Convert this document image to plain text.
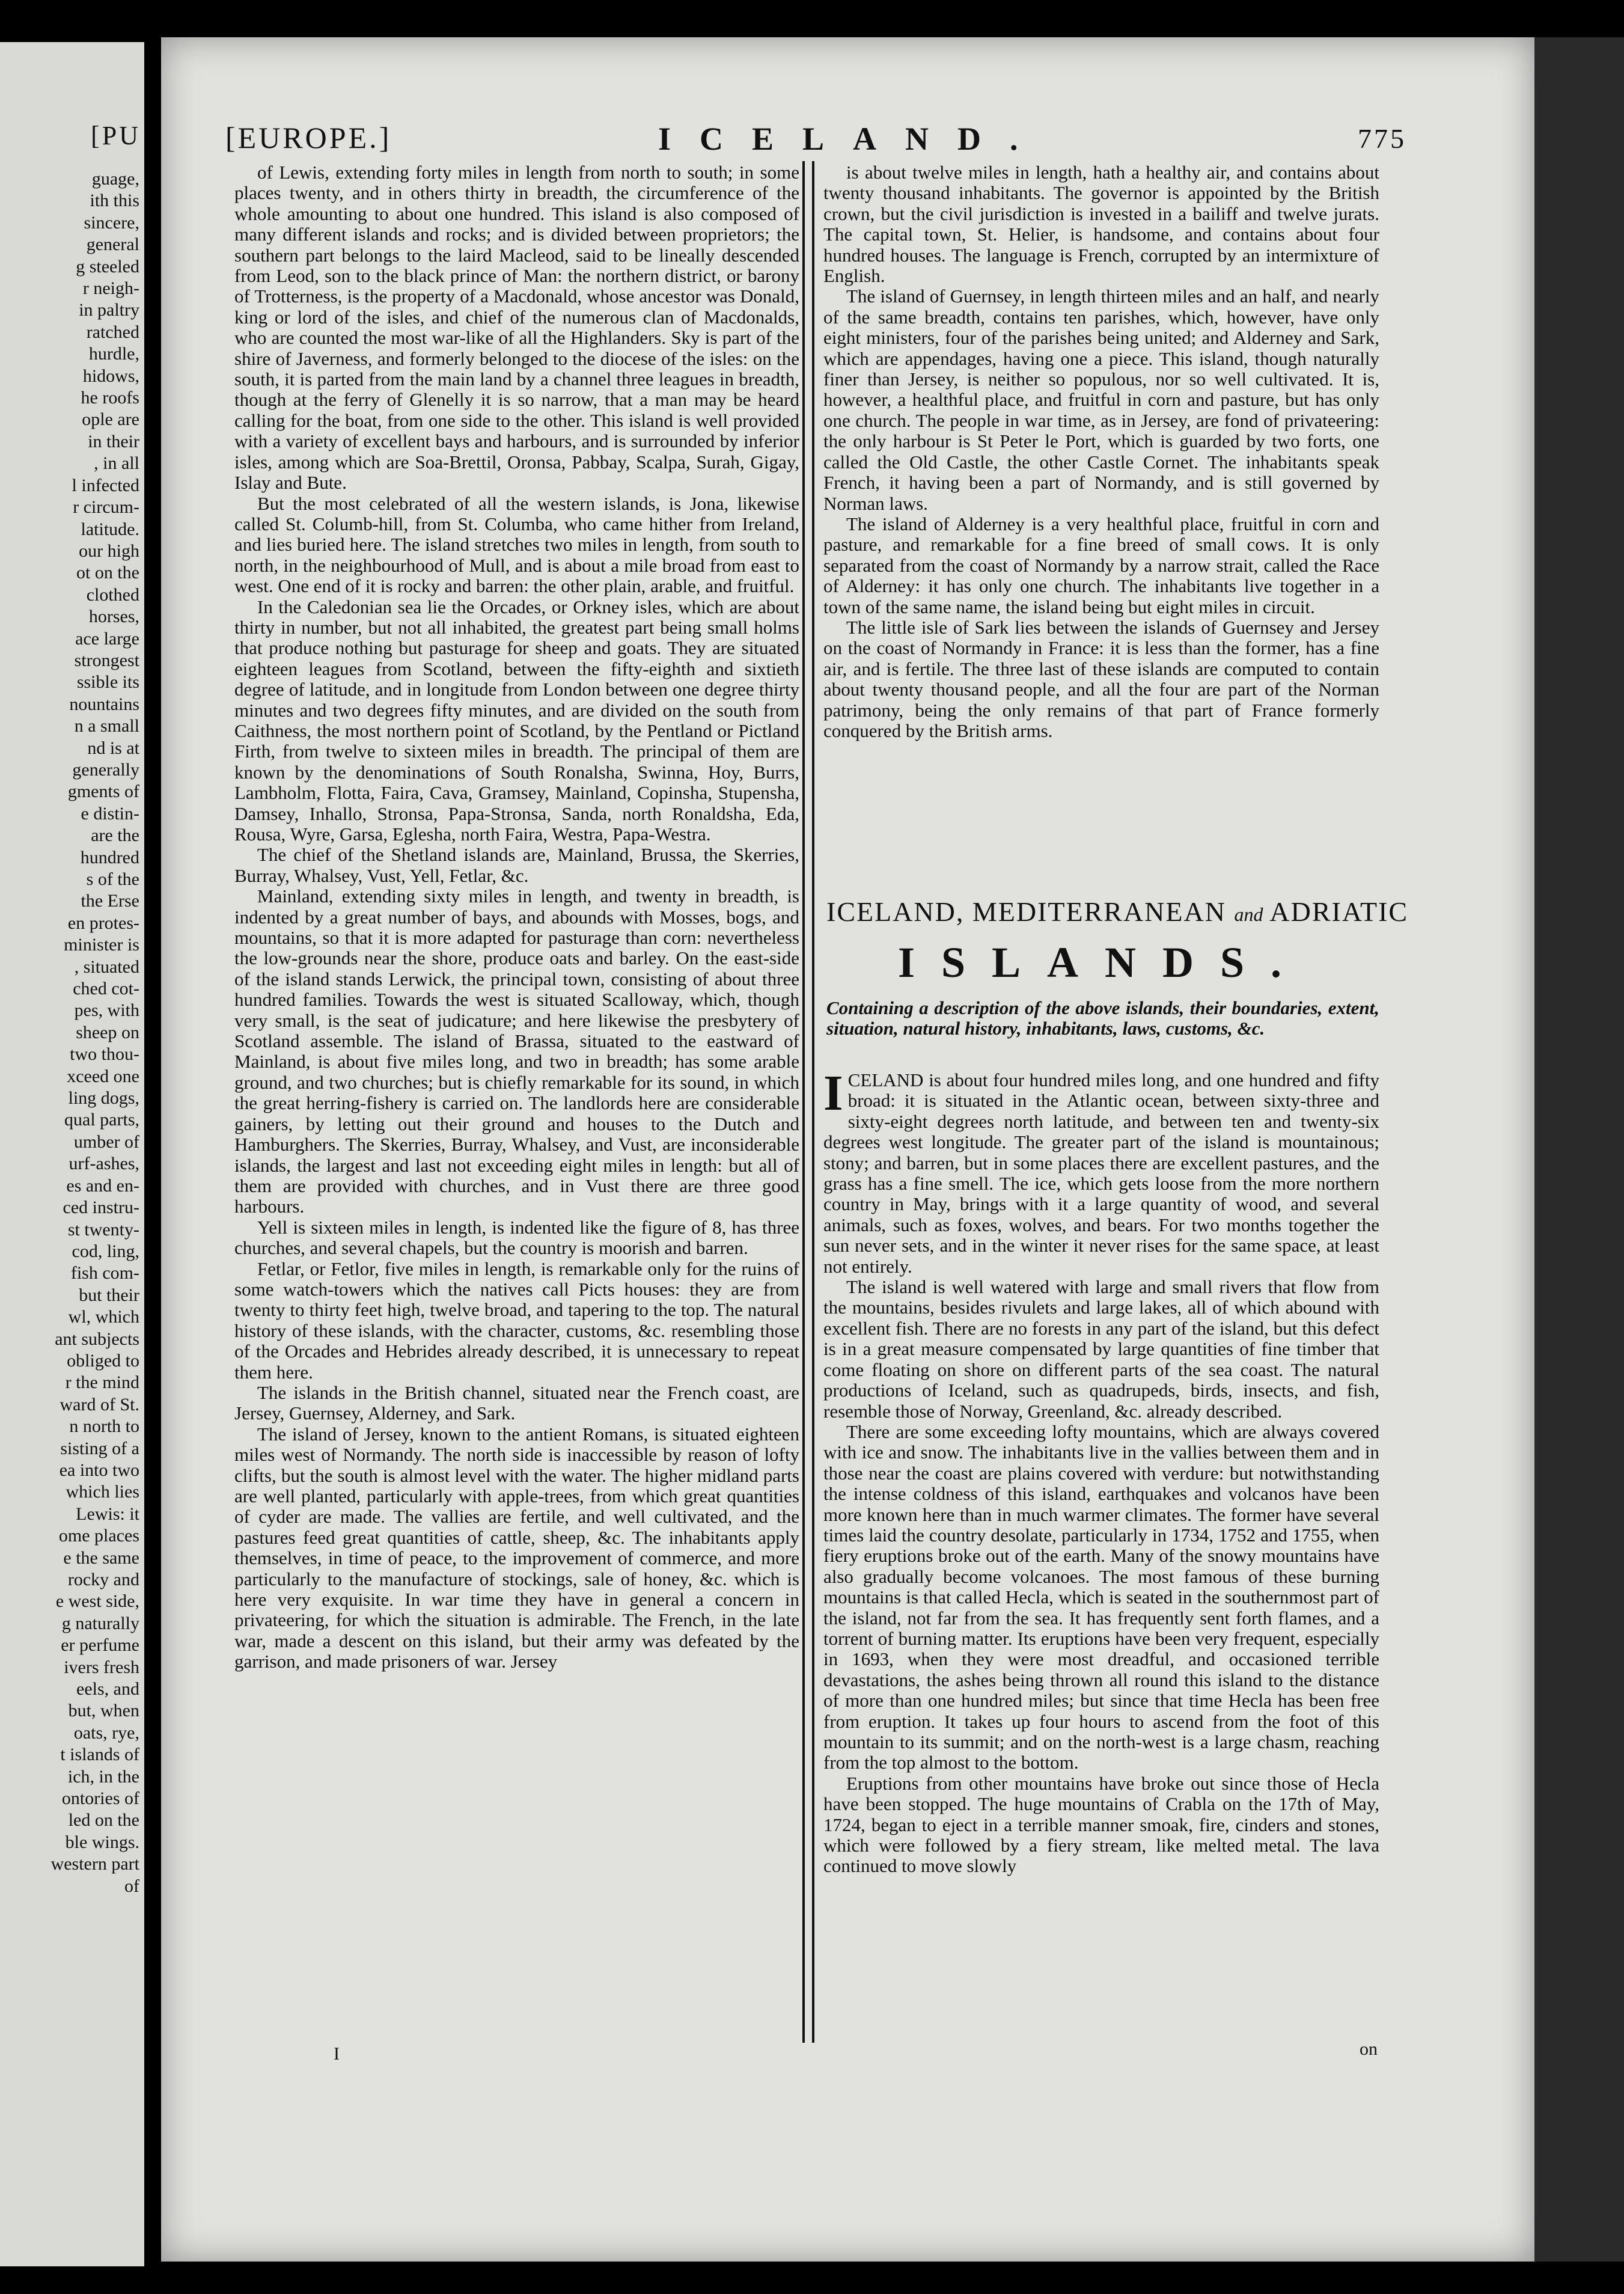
[PU
guage,
ith this
sincere,
general
g steeled
r neigh-
in paltry
ratched
hurdle,
hidows,
he roofs
ople are
in their
, in all
l infected
r circum-
latitude.
our high
ot on the
clothed
horses,
ace large
strongest
ssible its
nountains
n a small
nd is at
generally
gments of
e distin-
are the
hundred
s of the
the Erse
en protes-
minister is
, situated
ched cot-
pes, with
sheep on
two thou-
xceed one
ling dogs,
qual parts,
umber of
urf-ashes,
es and en-
ced instru-
st twenty-
cod, ling,
fish com-
but their
wl, which
ant subjects
obliged to
r the mind
ward of St.
n north to
sisting of a
ea into two
which lies
Lewis: it
ome places
e the same
rocky and
e west side,
g naturally
er perfume
ivers fresh
eels, and
but, when
oats, rye,
t islands of
ich, in the
ontories of
led on the
ble wings.
western part
of
[EUROPE.]	ICELAND.	775

of Lewis, extending forty miles in length from north to south; in some places twenty, and in others thirty in breadth, the circumference of the whole amounting to about one hundred. This island is also composed of many different islands and rocks; and is divided between proprietors; the southern part belongs to the laird Macleod, said to be lineally descended from Leod, son to the black prince of Man: the northern district, or barony of Trotterness, is the property of a Macdonald, whose ancestor was Donald, king or lord of the isles, and chief of the numerous clan of Macdonalds, who are counted the most war-like of all the Highlanders. Sky is part of the shire of Javerness, and formerly belonged to the diocese of the isles: on the south, it is parted from the main land by a channel three leagues in breadth, though at the ferry of Glenelly it is so narrow, that a man may be heard calling for the boat, from one side to the other. This island is well provided with a variety of excellent bays and harbours, and is surrounded by inferior isles, among which are Soa-Brettil, Oronsa, Pabbay, Scalpa, Surah, Gigay, Islay and Bute.

But the most celebrated of all the western islands, is Jona, likewise called St. Columb-hill, from St. Columba, who came hither from Ireland, and lies buried here. The island stretches two miles in length, from south to north, in the neighbourhood of Mull, and is about a mile broad from east to west. One end of it is rocky and barren: the other plain, arable, and fruitful.

In the Caledonian sea lie the Orcades, or Orkney isles, which are about thirty in number, but not all inhabited, the greatest part being small holms that produce nothing but pasturage for sheep and goats. They are situated eighteen leagues from Scotland, between the fifty-eighth and sixtieth degree of latitude, and in longitude from London between one degree thirty minutes and two degrees fifty minutes, and are divided on the south from Caithness, the most northern point of Scotland, by the Pentland or Pictland Firth, from twelve to sixteen miles in breadth. The principal of them are known by the denominations of South Ronalsha, Swinna, Hoy, Burrs, Lambholm, Flotta, Faira, Cava, Gramsey, Mainland, Copinsha, Stupensha, Damsey, Inhallo, Stronsa, Papa-Stronsa, Sanda, north Ronaldsha, Eda, Rousa, Wyre, Garsa, Eglesha, north Faira, Westra, Papa-Westra.

The chief of the Shetland islands are, Mainland, Brussa, the Skerries, Burray, Whalsey, Vust, Yell, Fetlar, &c.

Mainland, extending sixty miles in length, and twenty in breadth, is indented by a great number of bays, and abounds with Mosses, bogs, and mountains, so that it is more adapted for pasturage than corn: nevertheless the low-grounds near the shore, produce oats and barley. On the east-side of the island stands Lerwick, the principal town, consisting of about three hundred families. Towards the west is situated Scalloway, which, though very small, is the seat of judicature; and here likewise the presbytery of Scotland assemble. The island of Brassa, situated to the eastward of Mainland, is about five miles long, and two in breadth; has some arable ground, and two churches; but is chiefly remarkable for its sound, in which the great herring-fishery is carried on. The landlords here are considerable gainers, by letting out their ground and houses to the Dutch and Hamburghers. The Skerries, Burray, Whalsey, and Vust, are inconsiderable islands, the largest and last not exceeding eight miles in length: but all of them are provided with churches, and in Vust there are three good harbours.

Yell is sixteen miles in length, is indented like the figure of 8, has three churches, and several chapels, but the country is moorish and barren.

Fetlar, or Fetlor, five miles in length, is remarkable only for the ruins of some watch-towers which the natives call Picts houses: they are from twenty to thirty feet high, twelve broad, and tapering to the top. The natural history of these islands, with the character, customs, &c. resembling those of the Orcades and Hebrides already described, it is unnecessary to repeat them here.

The islands in the British channel, situated near the French coast, are Jersey, Guernsey, Alderney, and Sark.

The island of Jersey, known to the antient Romans, is situated eighteen miles west of Normandy. The north side is inaccessible by reason of lofty clifts, but the south is almost level with the water. The higher midland parts are well planted, particularly with apple-trees, from which great quantities of cyder are made. The vallies are fertile, and well cultivated, and the pastures feed great quantities of cattle, sheep, &c. The inhabitants apply themselves, in time of peace, to the improvement of commerce, and more particularly to the manufacture of stockings, sale of honey, &c. which is here very exquisite. In war time they have in general a concern in privateering, for which the situation is admirable. The French, in the late war, made a descent on this island, but their army was defeated by the garrison, and made prisoners of war. Jersey

is about twelve miles in length, hath a healthy air, and contains about twenty thousand inhabitants. The governor is appointed by the British crown, but the civil jurisdiction is invested in a bailiff and twelve jurats. The capital town, St. Helier, is handsome, and contains about four hundred houses. The language is French, corrupted by an intermixture of English.

The island of Guernsey, in length thirteen miles and an half, and nearly of the same breadth, contains ten parishes, which, however, have only eight ministers, four of the parishes being united; and Alderney and Sark, which are appendages, having one a piece. This island, though naturally finer than Jersey, is neither so populous, nor so well cultivated. It is, however, a healthful place, and fruitful in corn and pasture, but has only one church. The people in war time, as in Jersey, are fond of privateering: the only harbour is St Peter le Port, which is guarded by two forts, one called the Old Castle, the other Castle Cornet. The inhabitants speak French, it having been a part of Normandy, and is still governed by Norman laws.

The island of Alderney is a very healthful place, fruitful in corn and pasture, and remarkable for a fine breed of small cows. It is only separated from the coast of Normandy by a narrow strait, called the Race of Alderney: it has only one church. The inhabitants live together in a town of the same name, the island being but eight miles in circuit.

The little isle of Sark lies between the islands of Guernsey and Jersey on the coast of Normandy in France: it is less than the former, has a fine air, and is fertile. The three last of these islands are computed to contain about twenty thousand people, and all the four are part of the Norman patrimony, being the only remains of that part of France formerly conquered by the British arms.

ICELAND, MEDITERRANEAN and ADRIATIC
ISLANDS.
Containing a description of the above islands, their boundaries, extent, situation, natural history, inhabitants, laws, customs, &c.

ICELAND is about four hundred miles long, and one hundred and fifty broad: it is situated in the Atlantic ocean, between sixty-three and sixty-eight degrees north latitude, and between ten and twenty-six degrees west longitude. The greater part of the island is mountainous; stony; and barren, but in some places there are excellent pastures, and the grass has a fine smell. The ice, which gets loose from the more northern country in May, brings with it a large quantity of wood, and several animals, such as foxes, wolves, and bears. For two months together the sun never sets, and in the winter it never rises for the same space, at least not entirely.

The island is well watered with large and small rivers that flow from the mountains, besides rivulets and large lakes, all of which abound with excellent fish. There are no forests in any part of the island, but this defect is in a great measure compensated by large quantities of fine timber that come floating on shore on different parts of the sea coast. The natural productions of Iceland, such as quadrupeds, birds, insects, and fish, resemble those of Norway, Greenland, &c. already described.

There are some exceeding lofty mountains, which are always covered with ice and snow. The inhabitants live in the vallies between them and in those near the coast are plains covered with verdure: but notwithstanding the intense coldness of this island, earthquakes and volcanos have been more known here than in much warmer climates. The former have several times laid the country desolate, particularly in 1734, 1752 and 1755, when fiery eruptions broke out of the earth. Many of the snowy mountains have also gradually become volcanoes. The most famous of these burning mountains is that called Hecla, which is seated in the southernmost part of the island, not far from the sea. It has frequently sent forth flames, and a torrent of burning matter. Its eruptions have been very frequent, especially in 1693, when they were most dreadful, and occasioned terrible devastations, the ashes being thrown all round this island to the distance of more than one hundred miles; but since that time Hecla has been free from eruption. It takes up four hours to ascend from the foot of this mountain to its summit; and on the north-west is a large chasm, reaching from the top almost to the bottom.

Eruptions from other mountains have broke out since those of Hecla have been stopped. The huge mountains of Crabla on the 17th of May, 1724, began to eject in a terrible manner smoak, fire, cinders and stones, which were followed by a fiery stream, like melted metal. The lava continued to move slowly

I	on
